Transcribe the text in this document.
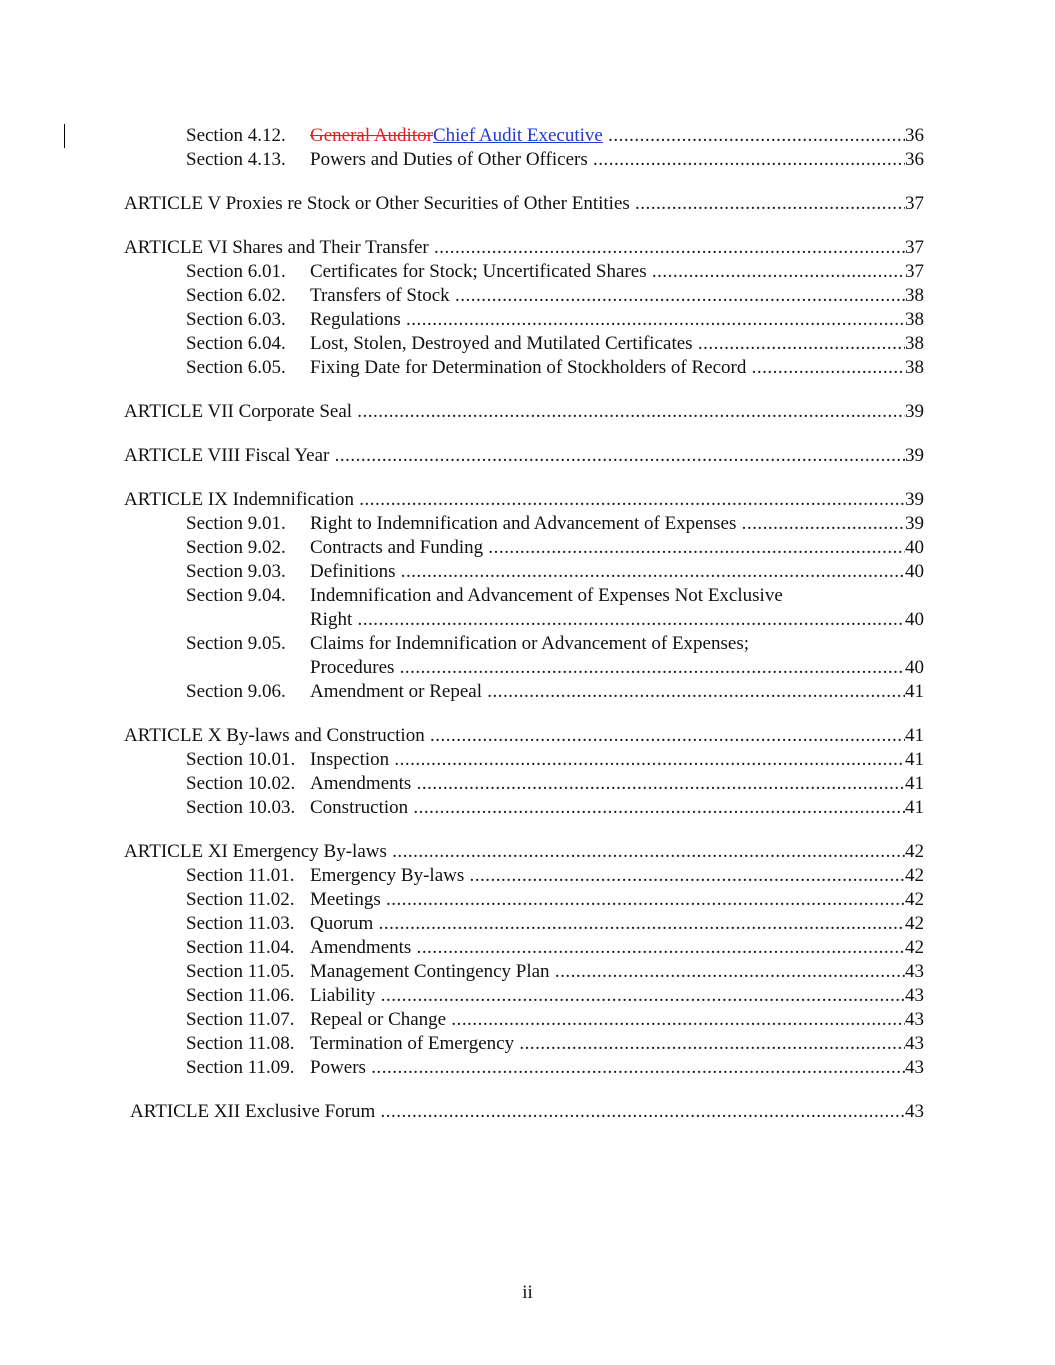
Section 4.12. General AuditorChief Audit Executive .....	36
Section 4.13. Powers and Duties of Other Officers .....	36
ARTICLE V Proxies re Stock or Other Securities of Other Entities .....	37
ARTICLE VI Shares and Their Transfer .....	37
Section 6.01. Certificates for Stock; Uncertificated Shares .....	37
Section 6.02. Transfers of Stock .....	38
Section 6.03. Regulations .....	38
Section 6.04. Lost, Stolen, Destroyed and Mutilated Certificates .....	38
Section 6.05. Fixing Date for Determination of Stockholders of Record .....	38
ARTICLE VII Corporate Seal .....	39
ARTICLE VIII Fiscal Year .....	39
ARTICLE IX Indemnification .....	39
Section 9.01. Right to Indemnification and Advancement of Expenses .....	39
Section 9.02. Contracts and Funding .....	40
Section 9.03. Definitions .....	40
Section 9.04. Indemnification and Advancement of Expenses Not Exclusive
Right .....	40
Section 9.05. Claims for Indemnification or Advancement of Expenses;
Procedures .....	40
Section 9.06. Amendment or Repeal .....	41
ARTICLE X By-laws and Construction .....	41
Section 10.01. Inspection .....	41
Section 10.02. Amendments .....	41
Section 10.03. Construction .....	41
ARTICLE XI Emergency By-laws .....	42
Section 11.01. Emergency By-laws .....	42
Section 11.02. Meetings .....	42
Section 11.03. Quorum .....	42
Section 11.04. Amendments .....	42
Section 11.05. Management Contingency Plan .....	43
Section 11.06. Liability .....	43
Section 11.07. Repeal or Change .....	43
Section 11.08. Termination of Emergency .....	43
Section 11.09. Powers .....	43
ARTICLE XII Exclusive Forum .....	43
ii
